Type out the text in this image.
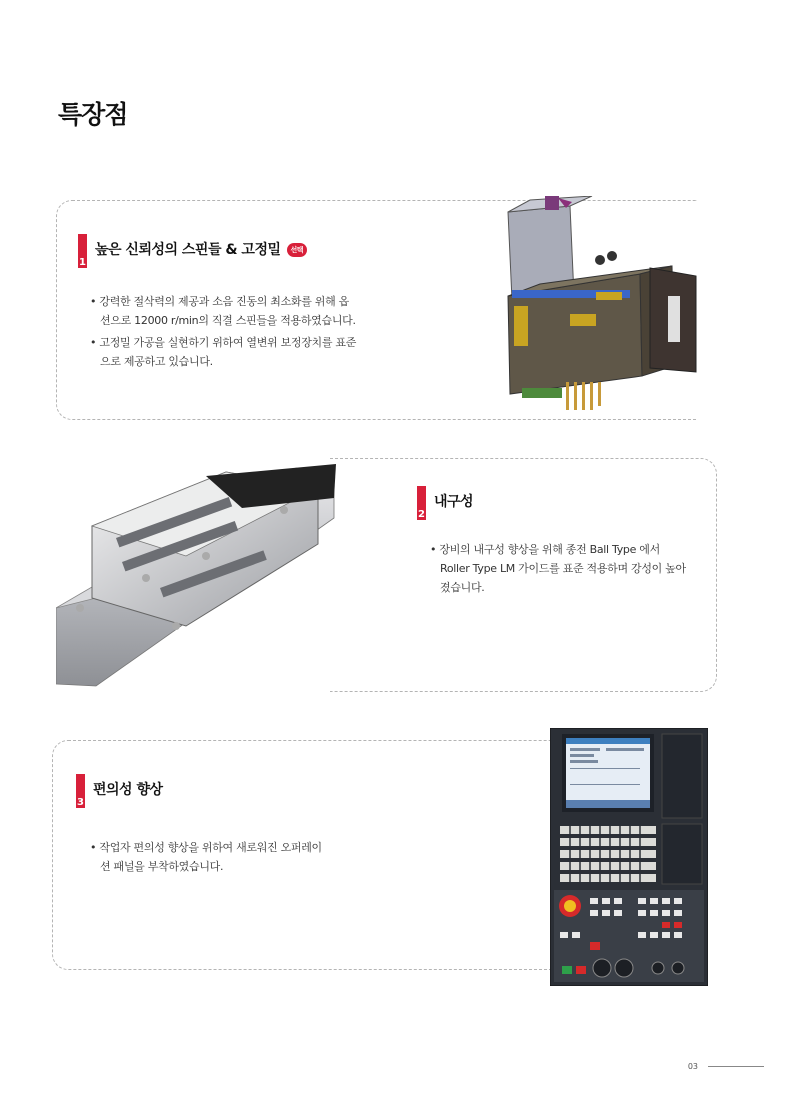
특장점
1
높은 신뢰성의 스핀들 & 고정밀 선택

• 강력한 절삭력의 제공과 소음 진동의 최소화를 위해 옵션으로 12000 r/min의 직결 스핀들을 적용하였습니다.

• 고정밀 가공을 실현하기 위하여 열변위 보정장치를 표준으로 제공하고 있습니다.

2
내구성

• 장비의 내구성 향상을 위해 종전 Ball Type 에서 Roller Type LM 가이드를 표준 적용하며 강성이 높아졌습니다.

3
편의성 향상

• 작업자 편의성 향상을 위하여 새로워진 오퍼레이션 패널을 부착하였습니다.

03
